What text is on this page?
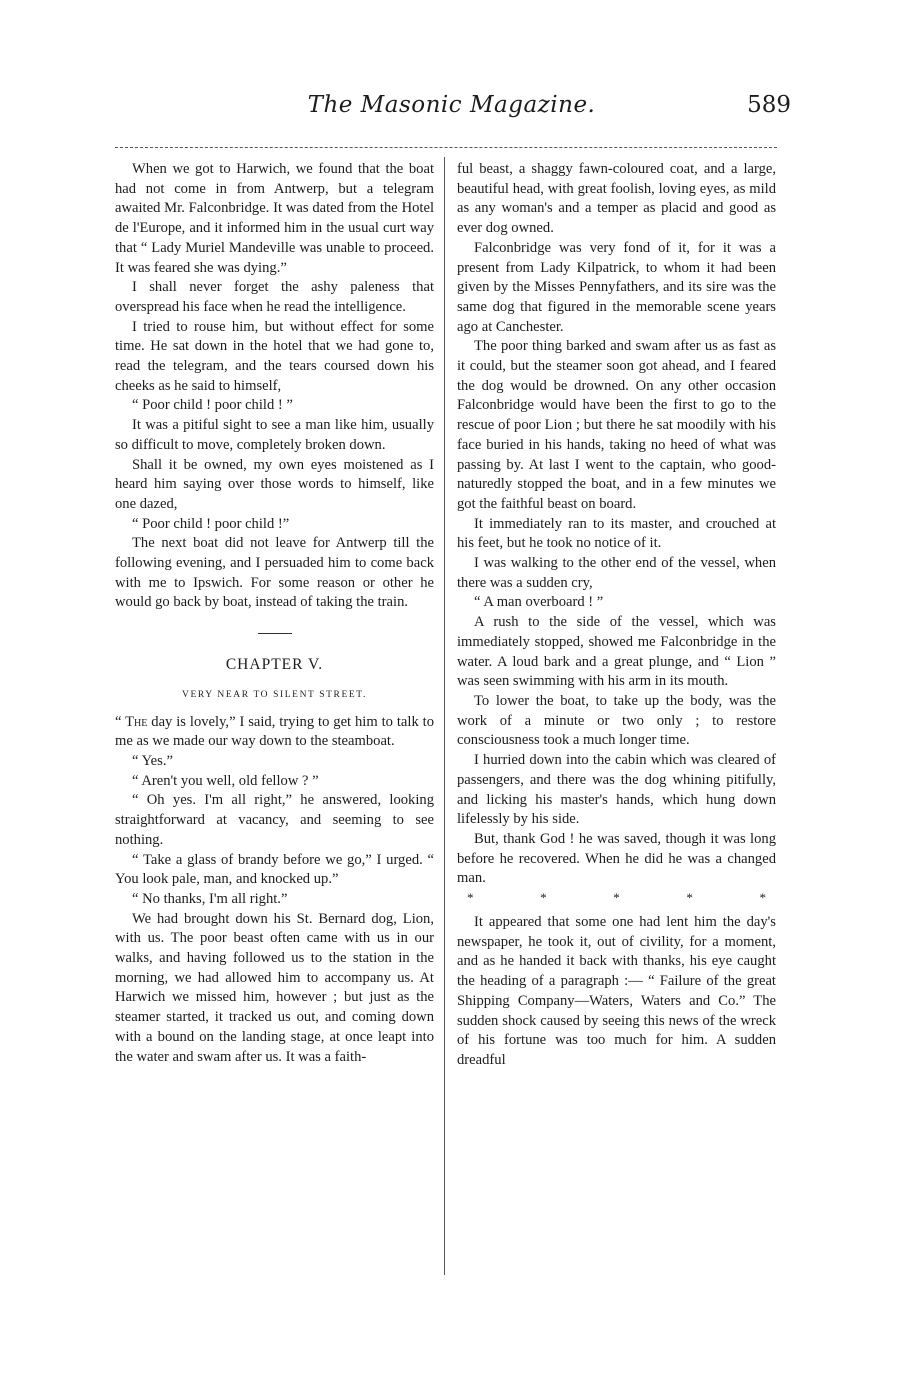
The Masonic Magazine.	589

When we got to Harwich, we found that the boat had not come in from Antwerp, but a telegram awaited Mr. Falconbridge. It was dated from the Hotel de l'Europe, and it informed him in the usual curt way that “ Lady Muriel Mandeville was unable to proceed. It was feared she was dying.”

I shall never forget the ashy paleness that overspread his face when he read the intelligence.

I tried to rouse him, but without effect for some time. He sat down in the hotel that we had gone to, read the telegram, and the tears coursed down his cheeks as he said to himself,

“ Poor child ! poor child ! ”

It was a pitiful sight to see a man like him, usually so difficult to move, completely broken down.

Shall it be owned, my own eyes moistened as I heard him saying over those words to himself, like one dazed,

“ Poor child ! poor child !”

The next boat did not leave for Antwerp till the following evening, and I persuaded him to come back with me to Ipswich. For some reason or other he would go back by boat, instead of taking the train.

CHAPTER V.
VERY NEAR TO SILENT STREET.

“ The day is lovely,” I said, trying to get him to talk to me as we made our way down to the steamboat.

“ Yes.”

“ Aren't you well, old fellow ? ”

“ Oh yes. I'm all right,” he answered, looking straightforward at vacancy, and seeming to see nothing.

“ Take a glass of brandy before we go,” I urged. “ You look pale, man, and knocked up.”

“ No thanks, I'm all right.”

We had brought down his St. Bernard dog, Lion, with us. The poor beast often came with us in our walks, and having followed us to the station in the morning, we had allowed him to accompany us. At Harwich we missed him, however ; but just as the steamer started, it tracked us out, and coming down with a bound on the landing stage, at once leapt into the water and swam after us. It was a faith-

ful beast, a shaggy fawn-coloured coat, and a large, beautiful head, with great foolish, loving eyes, as mild as any woman's and a temper as placid and good as ever dog owned.

Falconbridge was very fond of it, for it was a present from Lady Kilpatrick, to whom it had been given by the Misses Pennyfathers, and its sire was the same dog that figured in the memorable scene years ago at Canchester.

The poor thing barked and swam after us as fast as it could, but the steamer soon got ahead, and I feared the dog would be drowned. On any other occasion Falconbridge would have been the first to go to the rescue of poor Lion ; but there he sat moodily with his face buried in his hands, taking no heed of what was passing by. At last I went to the captain, who good-naturedly stopped the boat, and in a few minutes we got the faithful beast on board.

It immediately ran to its master, and crouched at his feet, but he took no notice of it.

I was walking to the other end of the vessel, when there was a sudden cry,

“ A man overboard ! ”

A rush to the side of the vessel, which was immediately stopped, showed me Falconbridge in the water. A loud bark and a great plunge, and “ Lion ” was seen swimming with his arm in its mouth.

To lower the boat, to take up the body, was the work of a minute or two only ; to restore consciousness took a much longer time.

I hurried down into the cabin which was cleared of passengers, and there was the dog whining pitifully, and licking his master's hands, which hung down lifelessly by his side.

But, thank God ! he was saved, though it was long before he recovered. When he did he was a changed man.

*	*	*	*	*

It appeared that some one had lent him the day's newspaper, he took it, out of civility, for a moment, and as he handed it back with thanks, his eye caught the heading of a paragraph :— “ Failure of the great Shipping Company—Waters, Waters and Co.” The sudden shock caused by seeing this news of the wreck of his fortune was too much for him. A sudden dreadful
